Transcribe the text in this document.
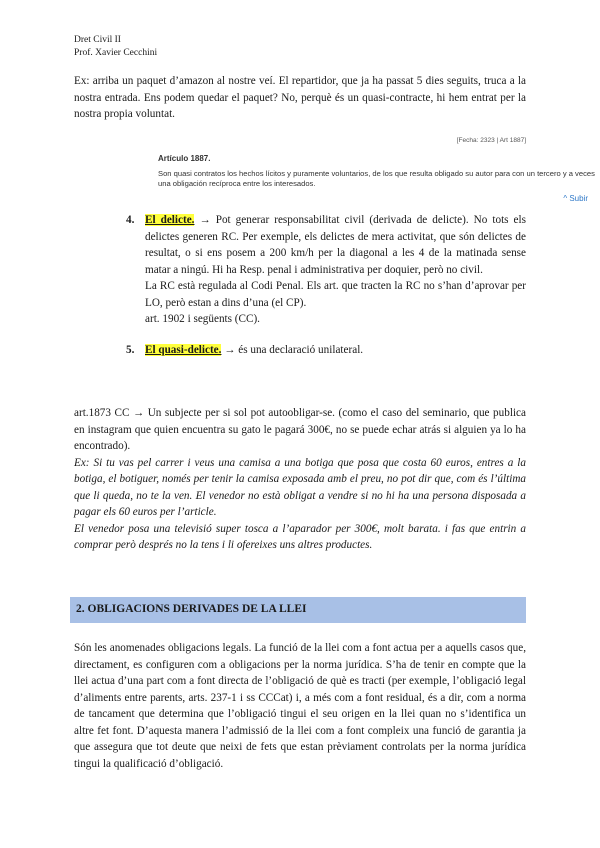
Dret Civil II
Prof. Xavier Cecchini
Ex: arriba un paquet d’amazon al nostre veí. El repartidor, que ja ha passat 5 dies seguits, truca a la nostra entrada. Ens podem quedar el paquet? No, perquè és un quasi-contracte, hi hem entrat per la nostra propia voluntat.
[Fecha: 2323 | Art 1887]
Artículo 1887.
Son quasi contratos los hechos lícitos y puramente voluntarios, de los que resulta obligado su autor para con un tercero y a veces una obligación recíproca entre los interesados.
^ Subir
4. El delicte. → Pot generar responsabilitat civil (derivada de delicte). No tots els delictes generen RC. Per exemple, els delictes de mera activitat, que són delictes de resultat, o si ens posem a 200 km/h per la diagonal a les 4 de la matinada sense matar a ningú. Hi ha Resp. penal i administrativa per doquier, però no civil.
La RC està regulada al Codi Penal. Els art. que tracten la RC no s’han d’aprovar per LO, però estan a dins d’una (el CP).
art. 1902 i següents (CC).
5. El quasi-delicte. → és una declaració unilateral.
art.1873 CC → Un subjecte per si sol pot autoobligar-se. (como el caso del seminario, que publica en instagram que quien encuentra su gato le pagará 300€, no se puede echar atrás si alguien ya lo ha encontrado).
Ex: Si tu vas pel carrer i veus una camisa a una botiga que posa que costa 60 euros, entres a la botiga, el botiguer, només per tenir la camisa exposada amb el preu, no pot dir que, com és l’última que li queda, no te la ven. El venedor no està obligat a vendre si no hi ha una persona disposada a pagar els 60 euros per l’article.
El venedor posa una televisió super tosca a l’aparador per 300€, molt barata. i fas que entrin a comprar però després no la tens i li ofereixes uns altres productes.
2. OBLIGACIONS DERIVADES DE LA LLEI
Són les anomenades obligacions legals. La funció de la llei com a font actua per a aquells casos que, directament, es configuren com a obligacions per la norma jurídica. S’ha de tenir en compte que la llei actua d’una part com a font directa de l’obligació de què es tracti (per exemple, l’obligació legal d’aliments entre parents, arts. 237-1 i ss CCCat) i, a més com a font residual, és a dir, com a norma de tancament que determina que l’obligació tingui el seu origen en la llei quan no s’identifica un altre fet font. D’aquesta manera l’admissió de la llei com a font compleix una funció de garantia ja que assegura que tot deute que neixi de fets que estan prèviament controlats per la norma jurídica tingui la qualificació d’obligació.
